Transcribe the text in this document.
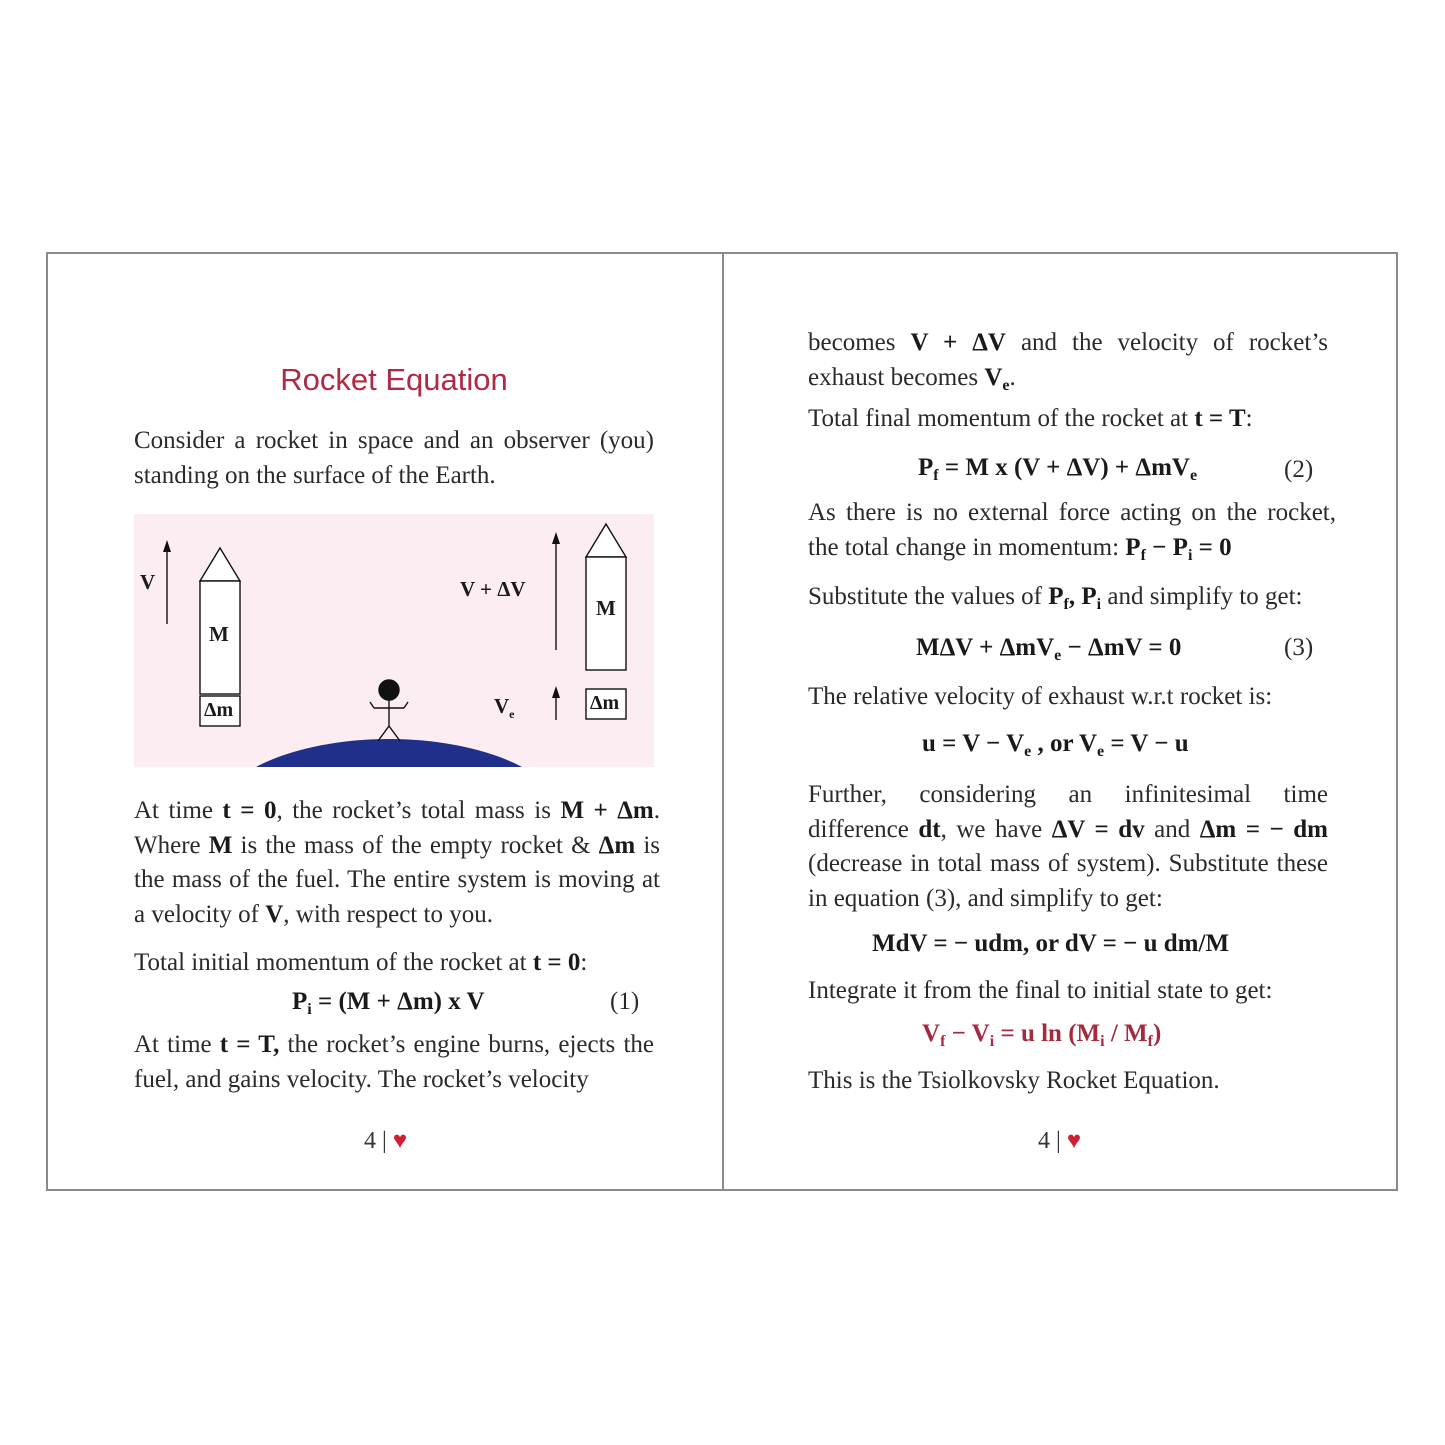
Rocket Equation

Consider a rocket in space and an observer (you) standing on the surface of the Earth.

V
M
Δm
V + ΔV
M
$V_e$	Δm

At time t = 0, the rocket’s total mass is M + Δm. Where M is the mass of the empty rocket & Δm is the mass of the fuel. The entire system is moving at a velocity of V, with respect to you.

Total initial momentum of the rocket at t = 0:

$P_i = (M + \Delta m)$ x V	(1)

At time t = T, the rocket’s engine burns, ejects the fuel, and gains velocity. The rocket’s velocity

4 | ♥

becomes V + ΔV and the velocity of rocket’s exhaust becomes $V_e$.

Total final momentum of the rocket at t = T:

$P_f = M$ x (V + ΔV) + ΔmV$_e$	(2)

As there is no external force acting on the rocket, the total change in momentum: $P_f - P_i = 0$

Substitute the values of $P_f$, $P_i$ and simplify to get:

MΔV + ΔmV$_e$ − ΔmV = 0	(3)

The relative velocity of exhaust w.r.t rocket is:

$u = V - V_e$ , or $V_e = V - u$

Further, considering an infinitesimal time difference dt, we have ΔV = dv and Δm = − dm (decrease in total mass of system). Substitute these in equation (3), and simplify to get:

MdV = − udm, or dV = − u dm/M

Integrate it from the final to initial state to get:

$V_f - V_i = u$ $\ln (M_i / M_f)$

This is the Tsiolkovsky Rocket Equation.

4 | ♥
